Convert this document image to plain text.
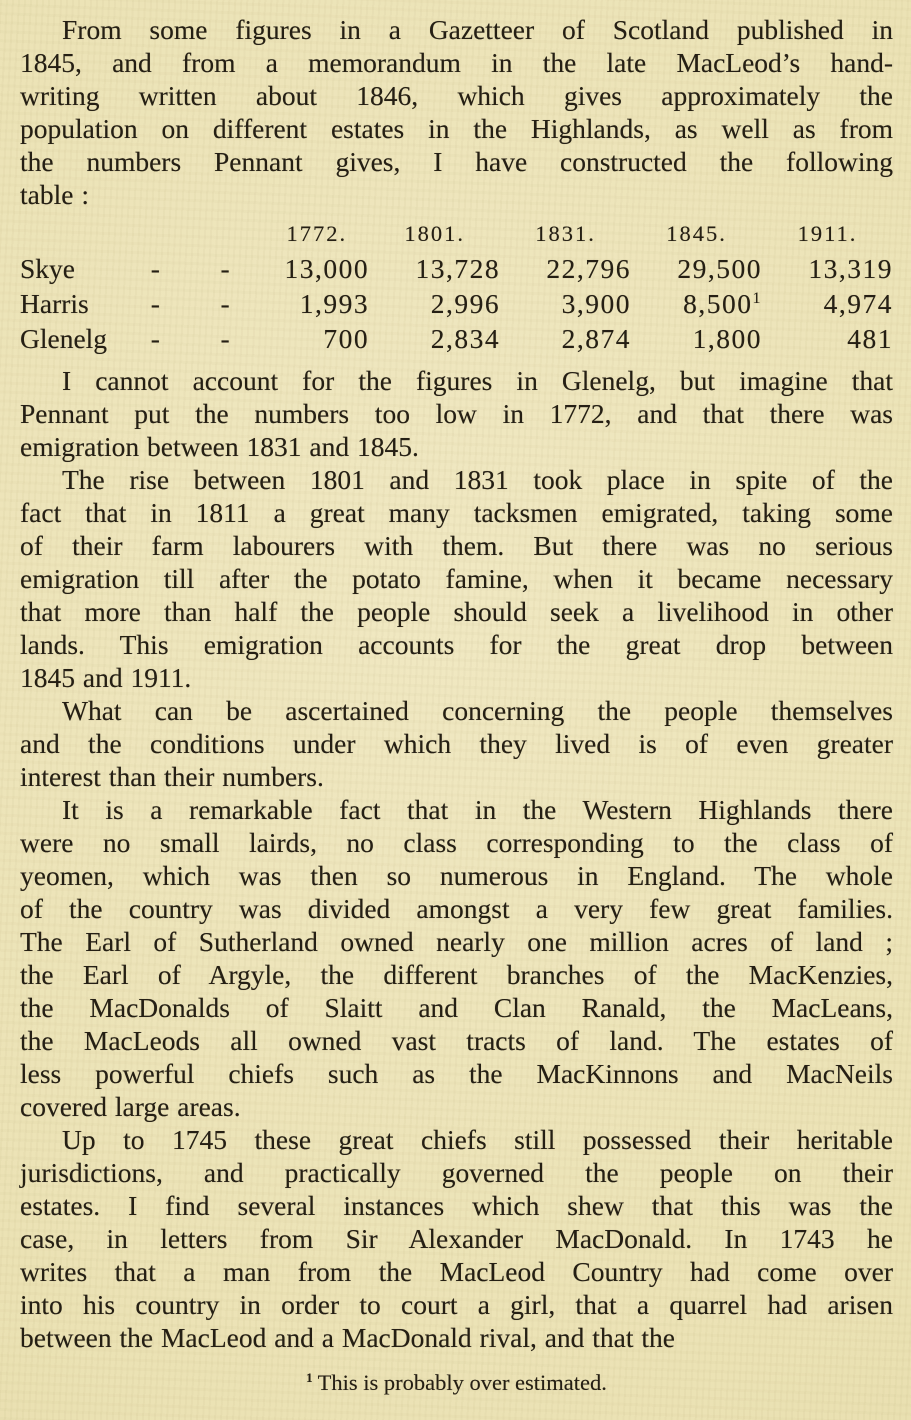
From some figures in a Gazetteer of Scotland published in
1845, and from a memorandum in the late MacLeod’s hand-
writing written about 1846, which gives approximately the
population on different estates in the Highlands, as well as from
the numbers Pennant gives, I have constructed the following
table :
			1772.	1801.	1831.	1845.	1911.
Skye	-	-	13,000	13,728	22,796	29,500	13,319
Harris	-	-	1,993	2,996	3,900	8,500$^1$	4,974
Glenelg	-	-	700	2,834	2,874	1,800	481
I cannot account for the figures in Glenelg, but imagine that
Pennant put the numbers too low in 1772, and that there was
emigration between 1831 and 1845.
The rise between 1801 and 1831 took place in spite of the
fact that in 1811 a great many tacksmen emigrated, taking some
of their farm labourers with them. But there was no serious
emigration till after the potato famine, when it became necessary
that more than half the people should seek a livelihood in other
lands. This emigration accounts for the great drop between
1845 and 1911.
What can be ascertained concerning the people themselves
and the conditions under which they lived is of even greater
interest than their numbers.
It is a remarkable fact that in the Western Highlands there
were no small lairds, no class corresponding to the class of
yeomen, which was then so numerous in England. The whole
of the country was divided amongst a very few great families.
The Earl of Sutherland owned nearly one million acres of land ;
the Earl of Argyle, the different branches of the MacKenzies,
the MacDonalds of Slaitt and Clan Ranald, the MacLeans,
the MacLeods all owned vast tracts of land. The estates of
less powerful chiefs such as the MacKinnons and MacNeils
covered large areas.
Up to 1745 these great chiefs still possessed their heritable
jurisdictions, and practically governed the people on their
estates. I find several instances which shew that this was the
case, in letters from Sir Alexander MacDonald. In 1743 he
writes that a man from the MacLeod Country had come over
into his country in order to court a girl, that a quarrel had arisen
between the MacLeod and a MacDonald rival, and that the
$^1$ This is probably over estimated.
